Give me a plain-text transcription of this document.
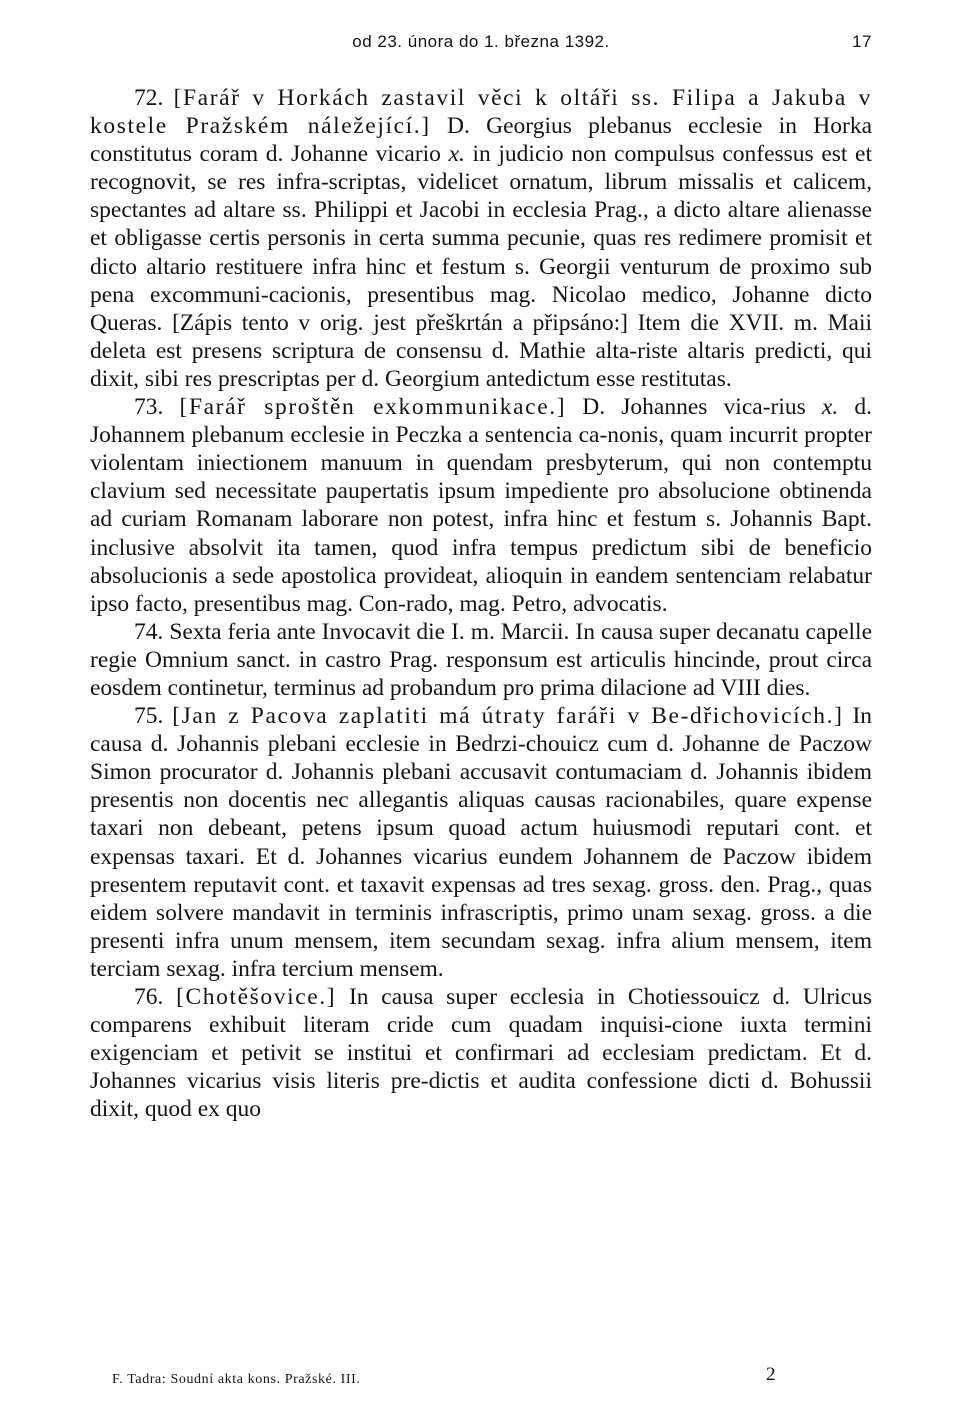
od 23. února do 1. března 1392.	17

72. [Farář v Horkách zastavil věci k oltáři ss. Filipa a Jakuba v kostele Pražském náležející.] D. Georgius plebanus ecclesie in Horka constitutus coram d. Johanne vicario x. in judicio non compulsus confessus est et recognovit, se res infra-scriptas, videlicet ornatum, librum missalis et calicem, spectantes ad altare ss. Philippi et Jacobi in ecclesia Prag., a dicto altare alienasse et obligasse certis personis in certa summa pecunie, quas res redimere promisit et dicto altario restituere infra hinc et festum s. Georgii venturum de proximo sub pena excommuni-cacionis, presentibus mag. Nicolao medico, Johanne dicto Queras. [Zápis tento v orig. jest přeškrtán a připsáno:] Item die XVII. m. Maii deleta est presens scriptura de consensu d. Mathie alta-riste altaris predicti, qui dixit, sibi res prescriptas per d. Georgium antedictum esse restitutas.

73. [Farář sproštěn exkommunikace.] D. Johannes vica-rius x. d. Johannem plebanum ecclesie in Peczka a sentencia ca-nonis, quam incurrit propter violentam iniectionem manuum in quendam presbyterum, qui non contemptu clavium sed necessitate paupertatis ipsum impediente pro absolucione obtinenda ad curiam Romanam laborare non potest, infra hinc et festum s. Johannis Bapt. inclusive absolvit ita tamen, quod infra tempus predictum sibi de beneficio absolucionis a sede apostolica provideat, alioquin in eandem sentenciam relabatur ipso facto, presentibus mag. Con-rado, mag. Petro, advocatis.

74. Sexta feria ante Invocavit die I. m. Marcii. In causa super decanatu capelle regie Omnium sanct. in castro Prag. responsum est articulis hincinde, prout circa eosdem continetur, terminus ad probandum pro prima dilacione ad VIII dies.

75. [Jan z Pacova zaplatiti má útraty faráři v Be-dřichovicích.] In causa d. Johannis plebani ecclesie in Bedrzi-chouicz cum d. Johanne de Paczow Simon procurator d. Johannis plebani accusavit contumaciam d. Johannis ibidem presentis non docentis nec allegantis aliquas causas racionabiles, quare expense taxari non debeant, petens ipsum quoad actum huiusmodi reputari cont. et expensas taxari. Et d. Johannes vicarius eundem Johannem de Paczow ibidem presentem reputavit cont. et taxavit expensas ad tres sexag. gross. den. Prag., quas eidem solvere mandavit in terminis infrascriptis, primo unam sexag. gross. a die presenti infra unum mensem, item secundam sexag. infra alium mensem, item terciam sexag. infra tercium mensem.

76. [Chotěšovice.] In causa super ecclesia in Chotiessouicz d. Ulricus comparens exhibuit literam cride cum quadam inquisi-cione iuxta termini exigenciam et petivit se institui et confirmari ad ecclesiam predictam. Et d. Johannes vicarius visis literis pre-dictis et audita confessione dicti d. Bohussii dixit, quod ex quo

F. Tadra: Soudní akta kons. Pražské. III.	2
